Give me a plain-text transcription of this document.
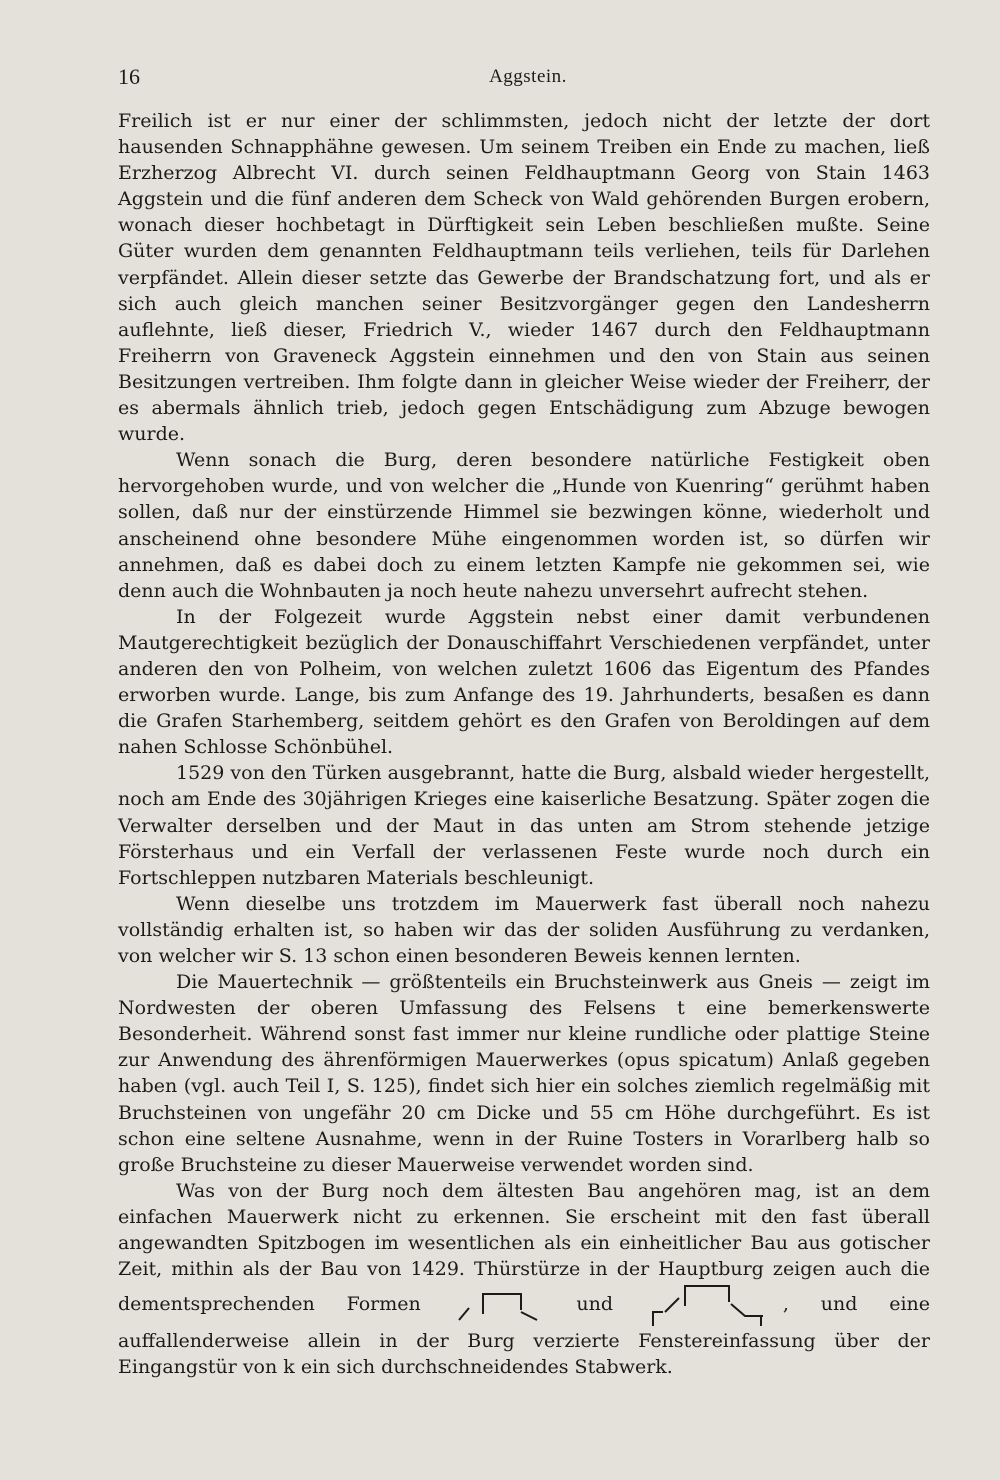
16	Aggstein.

Freilich ist er nur einer der schlimmsten, jedoch nicht der letzte der dort hausenden Schnapphähne gewesen. Um seinem Treiben ein Ende zu machen, ließ Erzherzog Albrecht VI. durch seinen Feldhauptmann Georg von Stain 1463 Aggstein und die fünf anderen dem Scheck von Wald gehörenden Burgen erobern, wonach dieser hochbetagt in Dürftigkeit sein Leben beschließen mußte. Seine Güter wurden dem genannten Feldhauptmann teils verliehen, teils für Darlehen verpfändet. Allein dieser setzte das Gewerbe der Brandschatzung fort, und als er sich auch gleich manchen seiner Besitzvorgänger gegen den Landesherrn auflehnte, ließ dieser, Friedrich V., wieder 1467 durch den Feldhauptmann Freiherrn von Graveneck Aggstein einnehmen und den von Stain aus seinen Besitzungen vertreiben. Ihm folgte dann in gleicher Weise wieder der Freiherr, der es abermals ähnlich trieb, jedoch gegen Entschädigung zum Abzuge bewogen wurde.

Wenn sonach die Burg, deren besondere natürliche Festigkeit oben hervorgehoben wurde, und von welcher die „Hunde von Kuenring“ gerühmt haben sollen, daß nur der einstürzende Himmel sie bezwingen könne, wiederholt und anscheinend ohne besondere Mühe eingenommen worden ist, so dürfen wir annehmen, daß es dabei doch zu einem letzten Kampfe nie gekommen sei, wie denn auch die Wohnbauten ja noch heute nahezu unversehrt aufrecht stehen.

In der Folgezeit wurde Aggstein nebst einer damit verbundenen Mautgerechtigkeit bezüglich der Donauschiffahrt Verschiedenen verpfändet, unter anderen den von Polheim, von welchen zuletzt 1606 das Eigentum des Pfandes erworben wurde. Lange, bis zum Anfange des 19. Jahrhunderts, besaßen es dann die Grafen Starhemberg, seitdem gehört es den Grafen von Beroldingen auf dem nahen Schlosse Schönbühel.

1529 von den Türken ausgebrannt, hatte die Burg, alsbald wieder hergestellt, noch am Ende des 30jährigen Krieges eine kaiserliche Besatzung. Später zogen die Verwalter derselben und der Maut in das unten am Strom stehende jetzige Försterhaus und ein Verfall der verlassenen Feste wurde noch durch ein Fortschleppen nutzbaren Materials beschleunigt.

Wenn dieselbe uns trotzdem im Mauerwerk fast überall noch nahezu vollständig erhalten ist, so haben wir das der soliden Ausführung zu verdanken, von welcher wir S. 13 schon einen besonderen Beweis kennen lernten.

Die Mauertechnik — größtenteils ein Bruchsteinwerk aus Gneis — zeigt im Nordwesten der oberen Umfassung des Felsens t eine bemerkenswerte Besonderheit. Während sonst fast immer nur kleine rundliche oder plattige Steine zur Anwendung des ährenförmigen Mauerwerkes (opus spicatum) Anlaß gegeben haben (vgl. auch Teil I, S. 125), findet sich hier ein solches ziemlich regelmäßig mit Bruchsteinen von ungefähr 20 cm Dicke und 55 cm Höhe durchgeführt. Es ist schon eine seltene Ausnahme, wenn in der Ruine Tosters in Vorarlberg halb so große Bruchsteine zu dieser Mauerweise verwendet worden sind.

Was von der Burg noch dem ältesten Bau angehören mag, ist an dem einfachen Mauerwerk nicht zu erkennen. Sie erscheint mit den fast überall angewandten Spitzbogen im wesentlichen als ein einheitlicher Bau aus gotischer Zeit, mithin als der Bau von 1429. Thürstürze in der Hauptburg zeigen auch die dementsprechenden Formen	und	, und eine auffallenderweise allein in der Burg verzierte Fenstereinfassung über der Eingangstür von k ein sich durchschneidendes Stabwerk.
